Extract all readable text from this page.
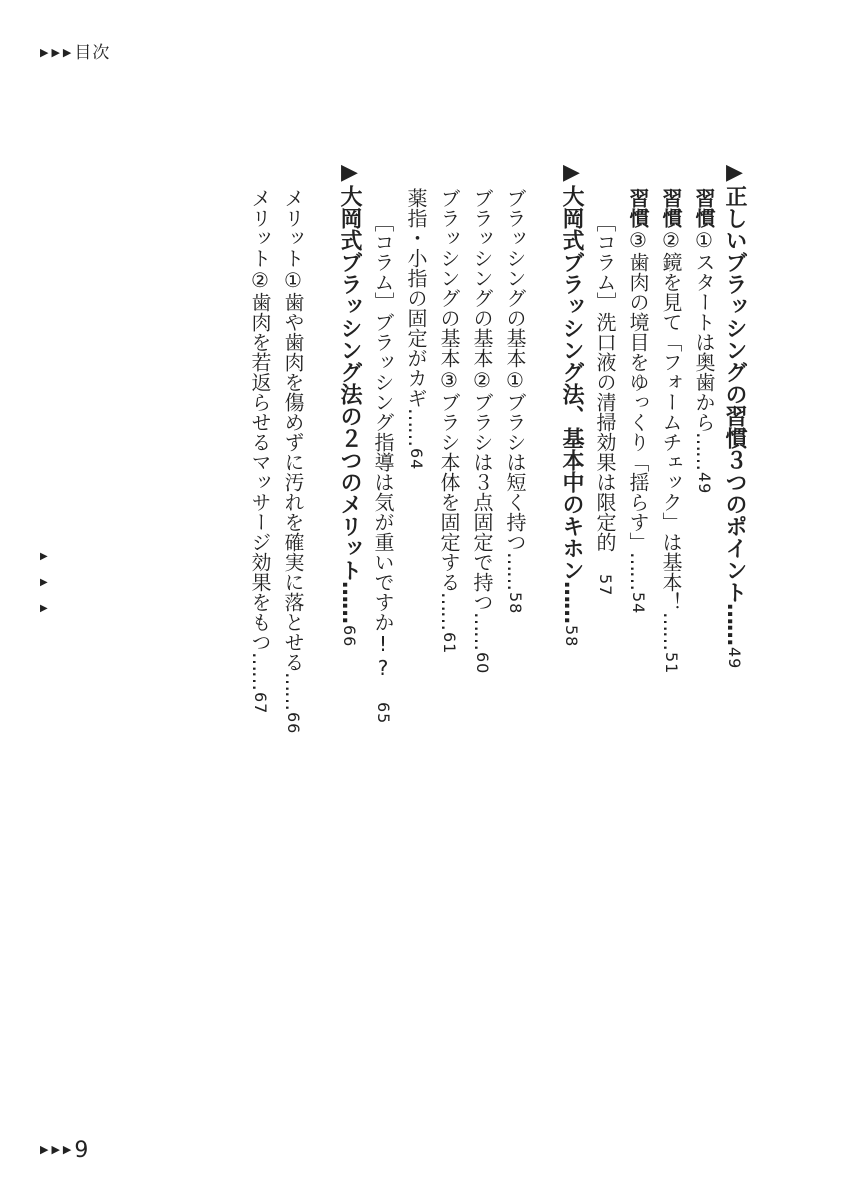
▶▶▶目次
▶
▶
▶

▶正しいブラッシングの習慣３つのポイント……49

習慣①スタートは奥歯から……49

習慣②鏡を見て「フォームチェック」は基本！……51

習慣③歯肉の境目をゆっくり「揺らす」……54

［コラム］洗口液の清掃効果は限定的　57

▶大岡式ブラッシング法、基本中のキホン……58

ブラッシングの基本①ブラシは短く持つ……58

ブラッシングの基本②ブラシは３点固定で持つ……60

ブラッシングの基本③ブラシ本体を固定する……61

薬指・小指の固定がカギ……64

［コラム］ブラッシング指導は気が重いですか!?　65

▶大岡式ブラッシング法の２つのメリット……66

メリット①歯や歯肉を傷めずに汚れを確実に落とせる……66

メリット②歯肉を若返らせるマッサージ効果をもつ……67

▶▶▶9
